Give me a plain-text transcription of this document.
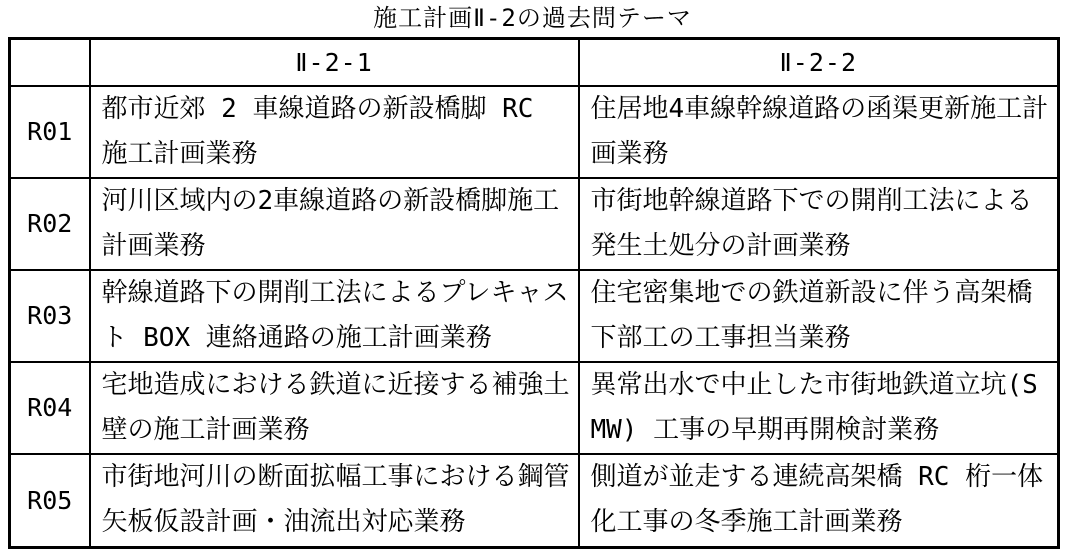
施工計画Ⅱ-2の過去問テーマ
	Ⅱ-2-1	Ⅱ-2-2
R01	都市近郊 2 車線道路の新設橋脚 RC 施工計画業務	住居地4車線幹線道路の函渠更新施工計画業務
R02	河川区域内の2車線道路の新設橋脚施工計画業務	市街地幹線道路下での開削工法による発生土処分の計画業務
R03	幹線道路下の開削工法によるプレキャスト BOX 連絡通路の施工計画業務	住宅密集地での鉄道新設に伴う高架橋下部工の工事担当業務
R04	宅地造成における鉄道に近接する補強土壁の施工計画業務	異常出水で中止した市街地鉄道立坑(SMW) 工事の早期再開検討業務
R05	市街地河川の断面拡幅工事における鋼管矢板仮設計画・油流出対応業務	側道が並走する連続高架橋 RC 桁一体化工事の冬季施工計画業務
